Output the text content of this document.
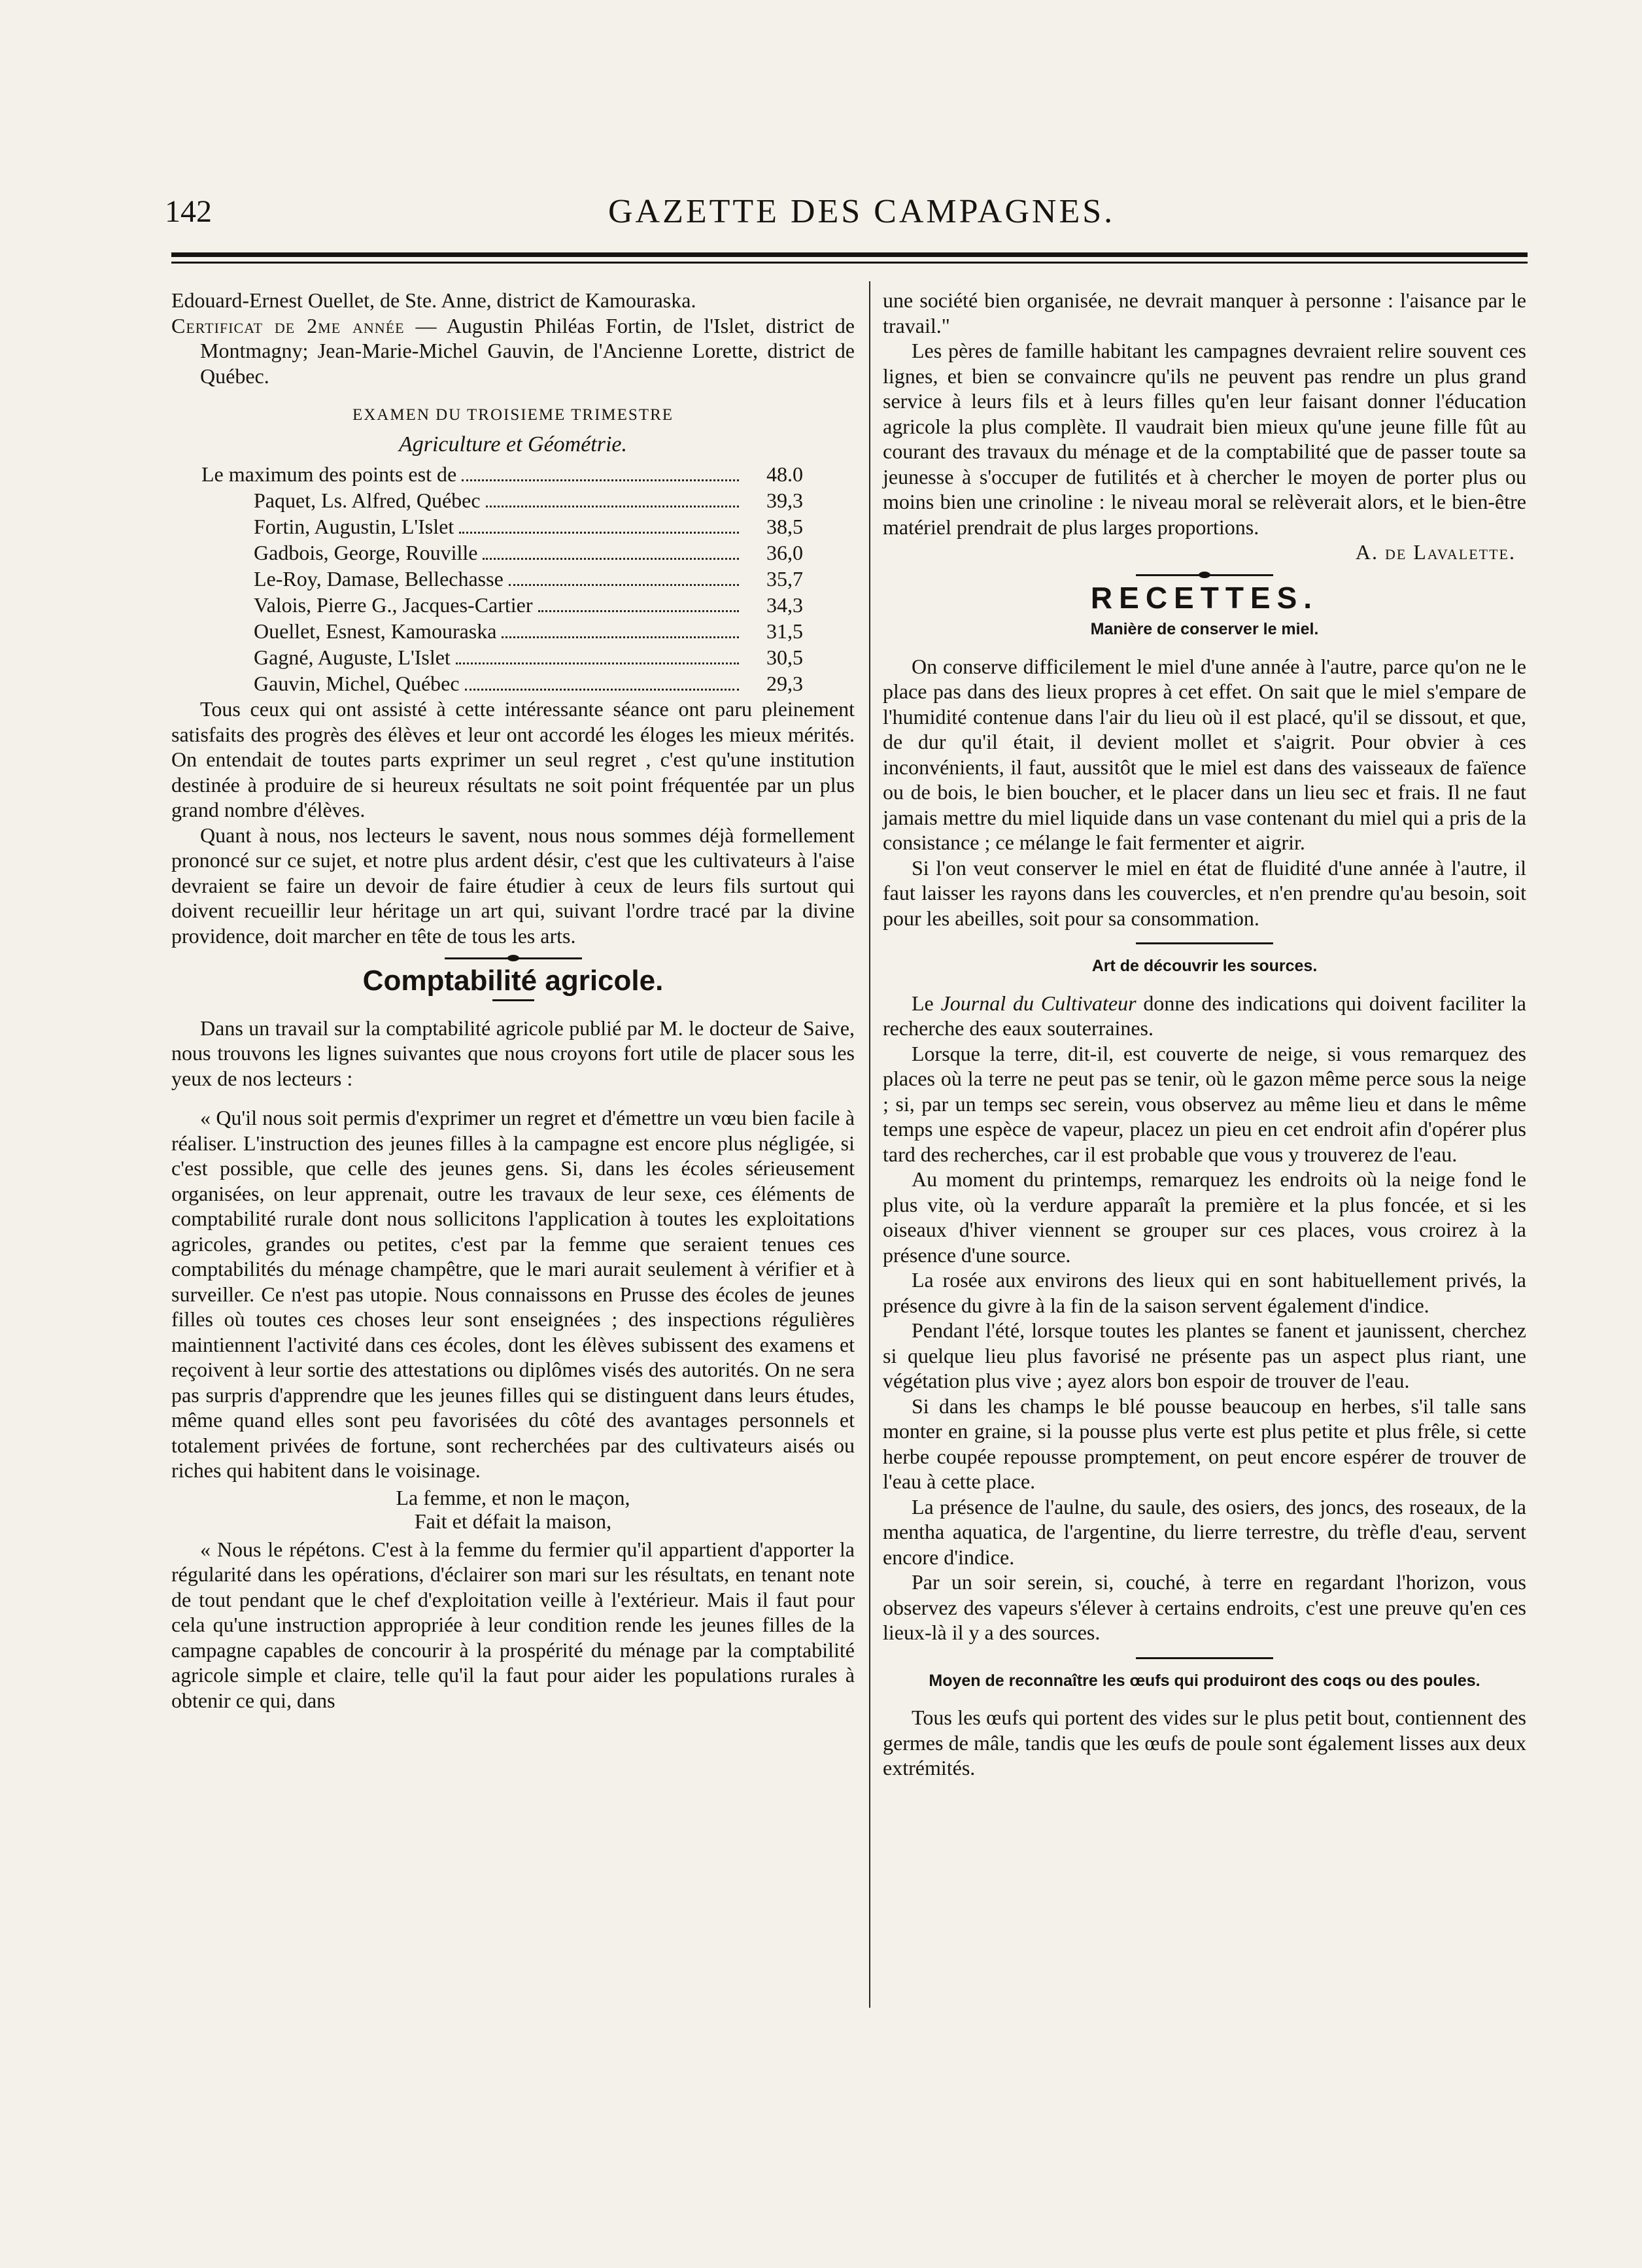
142	GAZETTE DES CAMPAGNES.

Edouard-Ernest Ouellet, de Ste. Anne, district de Kamouraska.

Certificat de 2me année — Augustin Philéas Fortin, de l'Islet, district de Montmagny; Jean-Marie-Michel Gauvin, de l'Ancienne Lorette, district de Québec.

EXAMEN DU TROISIEME TRIMESTRE

Agriculture et Géométrie.

Le maximum des points est de	48.0
Paquet, Ls. Alfred, Québec	39,3
Fortin, Augustin, L'Islet	38,5
Gadbois, George, Rouville	36,0
Le-Roy, Damase, Bellechasse	35,7
Valois, Pierre G., Jacques-Cartier	34,3
Ouellet, Esnest, Kamouraska	31,5
Gagné, Auguste, L'Islet	30,5
Gauvin, Michel, Québec	29,3

Tous ceux qui ont assisté à cette intéressante séance ont paru pleinement satisfaits des progrès des élèves et leur ont accordé les éloges les mieux mérités. On entendait de toutes parts exprimer un seul regret , c'est qu'une institution destinée à produire de si heureux résultats ne soit point fréquentée par un plus grand nombre d'élèves.

Quant à nous, nos lecteurs le savent, nous nous sommes déjà formellement prononcé sur ce sujet, et notre plus ardent désir, c'est que les cultivateurs à l'aise devraient se faire un devoir de faire étudier à ceux de leurs fils surtout qui doivent recueillir leur héritage un art qui, suivant l'ordre tracé par la divine providence, doit marcher en tête de tous les arts.

Comptabilité agricole.

Dans un travail sur la comptabilité agricole publié par M. le docteur de Saive, nous trouvons les lignes suivantes que nous croyons fort utile de placer sous les yeux de nos lecteurs :

« Qu'il nous soit permis d'exprimer un regret et d'émettre un vœu bien facile à réaliser. L'instruction des jeunes filles à la campagne est encore plus négligée, si c'est possible, que celle des jeunes gens. Si, dans les écoles sérieusement organisées, on leur apprenait, outre les travaux de leur sexe, ces éléments de comptabilité rurale dont nous sollicitons l'application à toutes les exploitations agricoles, grandes ou petites, c'est par la femme que seraient tenues ces comptabilités du ménage champêtre, que le mari aurait seulement à vérifier et à surveiller. Ce n'est pas utopie. Nous connaissons en Prusse des écoles de jeunes filles où toutes ces choses leur sont enseignées ; des inspections régulières maintiennent l'activité dans ces écoles, dont les élèves subissent des examens et reçoivent à leur sortie des attestations ou diplômes visés des autorités. On ne sera pas surpris d'apprendre que les jeunes filles qui se distinguent dans leurs études, même quand elles sont peu favorisées du côté des avantages personnels et totalement privées de fortune, sont recherchées par des cultivateurs aisés ou riches qui habitent dans le voisinage.

La femme, et non le maçon,
Fait et défait la maison,

« Nous le répétons. C'est à la femme du fermier qu'il appartient d'apporter la régularité dans les opérations, d'éclairer son mari sur les résultats, en tenant note de tout pendant que le chef d'exploitation veille à l'extérieur. Mais il faut pour cela qu'une instruction appropriée à leur condition rende les jeunes filles de la campagne capables de concourir à la prospérité du ménage par la comptabilité agricole simple et claire, telle qu'il la faut pour aider les populations rurales à obtenir ce qui, dans

une société bien organisée, ne devrait manquer à personne : l'aisance par le travail."

Les pères de famille habitant les campagnes devraient relire souvent ces lignes, et bien se convaincre qu'ils ne peuvent pas rendre un plus grand service à leurs fils et à leurs filles qu'en leur faisant donner l'éducation agricole la plus complète. Il vaudrait bien mieux qu'une jeune fille fût au courant des travaux du ménage et de la comptabilité que de passer toute sa jeunesse à s'occuper de futilités et à chercher le moyen de porter plus ou moins bien une crinoline : le niveau moral se relèverait alors, et le bien-être matériel prendrait de plus larges proportions.

A. de Lavalette.

RECETTES.

Manière de conserver le miel.

On conserve difficilement le miel d'une année à l'autre, parce qu'on ne le place pas dans des lieux propres à cet effet. On sait que le miel s'empare de l'humidité contenue dans l'air du lieu où il est placé, qu'il se dissout, et que, de dur qu'il était, il devient mollet et s'aigrit. Pour obvier à ces inconvénients, il faut, aussitôt que le miel est dans des vaisseaux de faïence ou de bois, le bien boucher, et le placer dans un lieu sec et frais. Il ne faut jamais mettre du miel liquide dans un vase contenant du miel qui a pris de la consistance ; ce mélange le fait fermenter et aigrir.

Si l'on veut conserver le miel en état de fluidité d'une année à l'autre, il faut laisser les rayons dans les couvercles, et n'en prendre qu'au besoin, soit pour les abeilles, soit pour sa consommation.

Art de découvrir les sources.

Le Journal du Cultivateur donne des indications qui doivent faciliter la recherche des eaux souterraines.

Lorsque la terre, dit-il, est couverte de neige, si vous remarquez des places où la terre ne peut pas se tenir, où le gazon même perce sous la neige ; si, par un temps sec serein, vous observez au même lieu et dans le même temps une espèce de vapeur, placez un pieu en cet endroit afin d'opérer plus tard des recherches, car il est probable que vous y trouverez de l'eau.

Au moment du printemps, remarquez les endroits où la neige fond le plus vite, où la verdure apparaît la première et la plus foncée, et si les oiseaux d'hiver viennent se grouper sur ces places, vous croirez à la présence d'une source.

La rosée aux environs des lieux qui en sont habituellement privés, la présence du givre à la fin de la saison servent également d'indice.

Pendant l'été, lorsque toutes les plantes se fanent et jaunissent, cherchez si quelque lieu plus favorisé ne présente pas un aspect plus riant, une végétation plus vive ; ayez alors bon espoir de trouver de l'eau.

Si dans les champs le blé pousse beaucoup en herbes, s'il talle sans monter en graine, si la pousse plus verte est plus petite et plus frêle, si cette herbe coupée repousse promptement, on peut encore espérer de trouver de l'eau à cette place.

La présence de l'aulne, du saule, des osiers, des joncs, des roseaux, de la mentha aquatica, de l'argentine, du lierre terrestre, du trèfle d'eau, servent encore d'indice.

Par un soir serein, si, couché, à terre en regardant l'horizon, vous observez des vapeurs s'élever à certains endroits, c'est une preuve qu'en ces lieux-là il y a des sources.

Moyen de reconnaître les œufs qui produiront des coqs ou des poules.

Tous les œufs qui portent des vides sur le plus petit bout, contiennent des germes de mâle, tandis que les œufs de poule sont également lisses aux deux extrémités.
